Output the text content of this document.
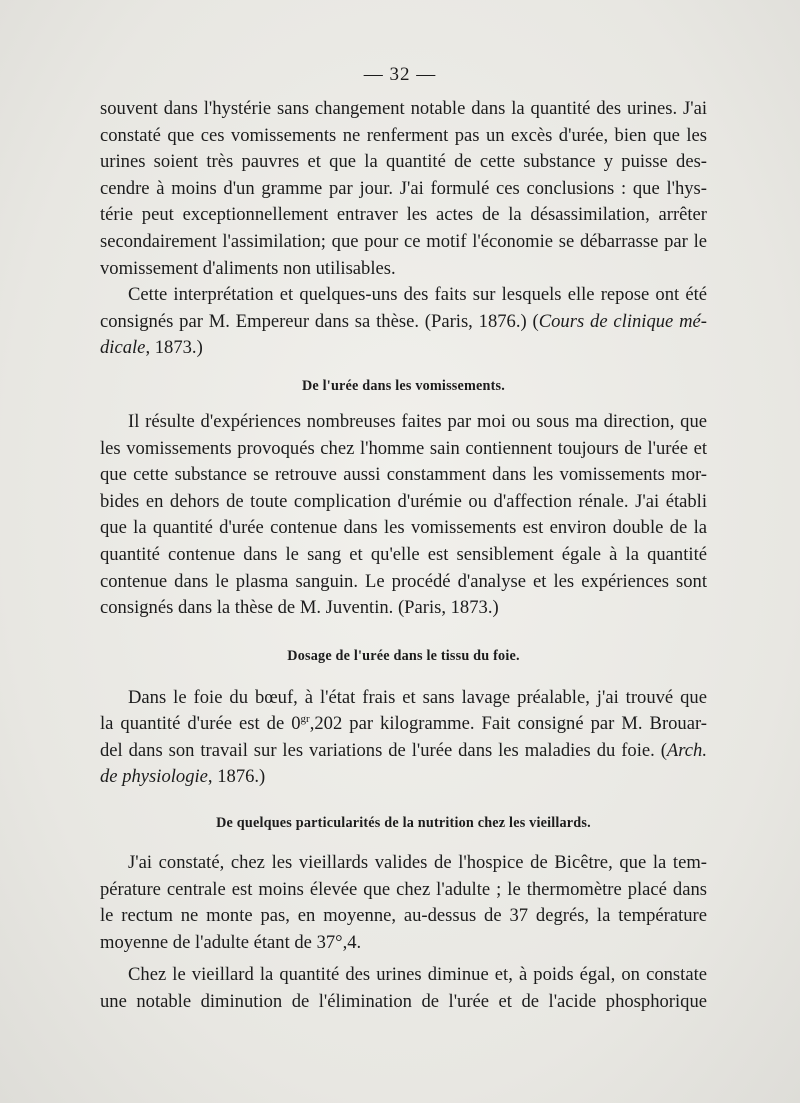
— 32 —

souvent dans l'hystérie sans changement notable dans la quantité des urines. J'ai
constaté que ces vomissements ne renferment pas un excès d'urée, bien que les
urines soient très pauvres et que la quantité de cette substance y puisse des-
cendre à moins d'un gramme par jour. J'ai formulé ces conclusions : que l'hys-
térie peut exceptionnellement entraver les actes de la désassimilation, arrêter
secondairement l'assimilation; que pour ce motif l'économie se débarrasse par le
vomissement d'aliments non utilisables.

Cette interprétation et quelques-uns des faits sur lesquels elle repose ont été
consignés par M. Empereur dans sa thèse. (Paris, 1876.) (Cours de clinique mé-
dicale, 1873.)

De l'urée dans les vomissements.

Il résulte d'expériences nombreuses faites par moi ou sous ma direction, que
les vomissements provoqués chez l'homme sain contiennent toujours de l'urée et
que cette substance se retrouve aussi constamment dans les vomissements mor-
bides en dehors de toute complication d'urémie ou d'affection rénale. J'ai établi
que la quantité d'urée contenue dans les vomissements est environ double de la
quantité contenue dans le sang et qu'elle est sensiblement égale à la quantité
contenue dans le plasma sanguin. Le procédé d'analyse et les expériences sont
consignés dans la thèse de M. Juventin. (Paris, 1873.)

Dosage de l'urée dans le tissu du foie.

Dans le foie du bœuf, à l'état frais et sans lavage préalable, j'ai trouvé que
la quantité d'urée est de $0^{gr},202$ par kilogramme. Fait consigné par M. Brouar-
del dans son travail sur les variations de l'urée dans les maladies du foie. (Arch.
de physiologie, 1876.)

De quelques particularités de la nutrition chez les vieillards.

J'ai constaté, chez les vieillards valides de l'hospice de Bicêtre, que la tem-
pérature centrale est moins élevée que chez l'adulte ; le thermomètre placé dans
le rectum ne monte pas, en moyenne, au-dessus de 37 degrés, la température
moyenne de l'adulte étant de 37°,4.

Chez le vieillard la quantité des urines diminue et, à poids égal, on constate
une notable diminution de l'élimination de l'urée et de l'acide phosphorique
